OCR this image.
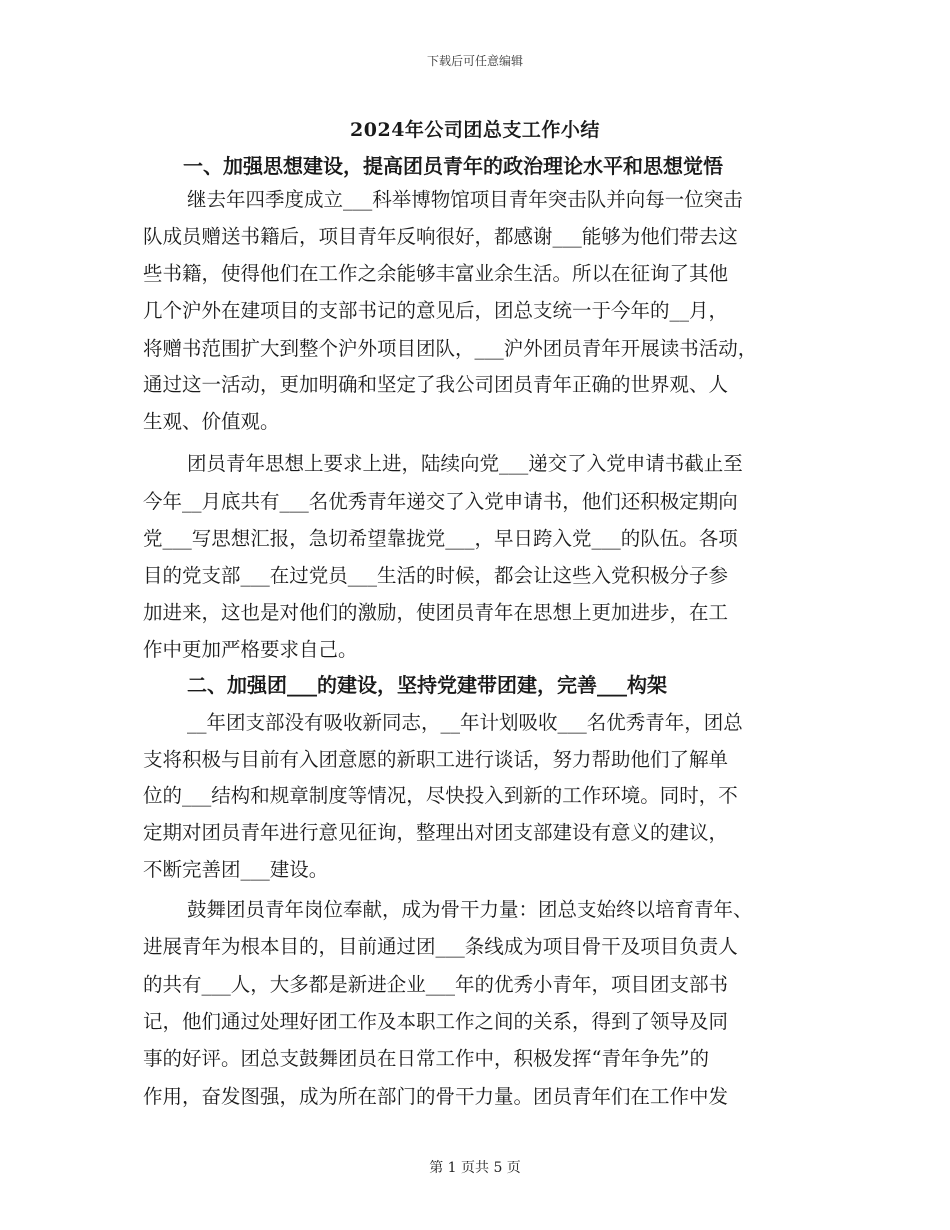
下载后可任意编辑
2024年公司团总支工作小结
一、加强思想建设，提高团员青年的政治理论水平和思想觉悟
继去年四季度成立___科举博物馆项目青年突击队并向每一位突击
队成员赠送书籍后，项目青年反响很好，都感谢___能够为他们带去这
些书籍，使得他们在工作之余能够丰富业余生活。所以在征询了其他
几个沪外在建项目的支部书记的意见后，团总支统一于今年的__月，
将赠书范围扩大到整个沪外项目团队，___沪外团员青年开展读书活动，
通过这一活动，更加明确和坚定了我公司团员青年正确的世界观、人
生观、价值观。
团员青年思想上要求上进，陆续向党___递交了入党申请书截止至
今年__月底共有___名优秀青年递交了入党申请书，他们还积极定期向
党___写思想汇报，急切希望靠拢党___，早日跨入党___的队伍。各项
目的党支部___在过党员___生活的时候，都会让这些入党积极分子参
加进来，这也是对他们的激励，使团员青年在思想上更加进步，在工
作中更加严格要求自己。
二、加强团___的建设，坚持党建带团建，完善___构架
__年团支部没有吸收新同志，__年计划吸收___名优秀青年，团总
支将积极与目前有入团意愿的新职工进行谈话，努力帮助他们了解单
位的___结构和规章制度等情况，尽快投入到新的工作环境。同时，不
定期对团员青年进行意见征询，整理出对团支部建设有意义的建议，
不断完善团___建设。
鼓舞团员青年岗位奉献，成为骨干力量：团总支始终以培育青年、
进展青年为根本目的，目前通过团___条线成为项目骨干及项目负责人
的共有___人，大多都是新进企业___年的优秀小青年，项目团支部书
记，他们通过处理好团工作及本职工作之间的关系，得到了领导及同
事的好评。团总支鼓舞团员在日常工作中，积极发挥“青年争先”的
作用，奋发图强，成为所在部门的骨干力量。团员青年们在工作中发
第 1 页共 5 页
